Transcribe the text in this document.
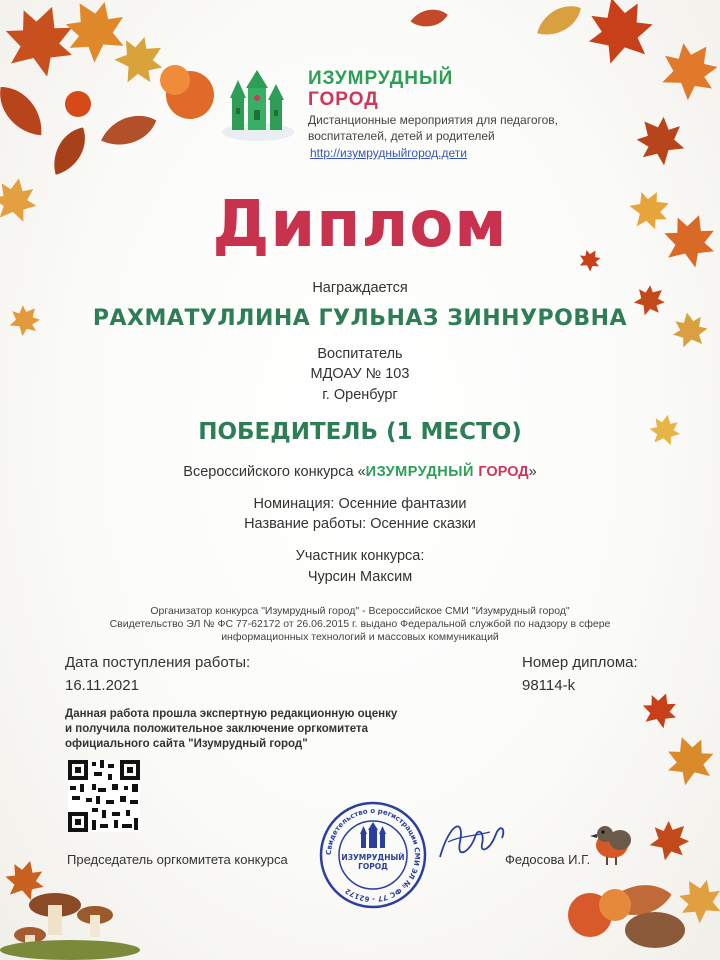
ИЗУМРУДНЫЙ
ГОРОД
Дистанционные мероприятия для педагогов,
воспитателей, детей и родителей
http://изумрудныйгород.дети
Диплом
Награждается
РАХМАТУЛЛИНА ГУЛЬНАЗ ЗИННУРОВНА
Воспитатель
МДОАУ № 103
г. Оренбург
ПОБЕДИТЕЛЬ (1 МЕСТО)
Всероссийского конкурса «ИЗУМРУДНЫЙ ГОРОД»
Номинация: Осенние фантазии
Название работы: Осенние сказки
Участник конкурса:
Чурсин Максим
Организатор конкурса "Изумрудный город" - Всероссийское СМИ "Изумрудный город"
Свидетельство ЭЛ № ФС 77-62172 от 26.06.2015 г. выдано Федеральной службой по надзору в сфере
информационных технологий и массовых коммуникаций
Дата поступления работы:
16.11.2021
Номер диплома:
98114-k
Данная работа прошла экспертную редакционную оценку
и получила положительное заключение оргкомитета
официального сайта "Изумрудный город"
Председатель оргкомитета конкурса	Свидетельство о регистрации СМИ ЭЛ № ФС 77 - 62172
ИЗУМРУДНЫЙ
ГОРОД	Федосова И.Г.
